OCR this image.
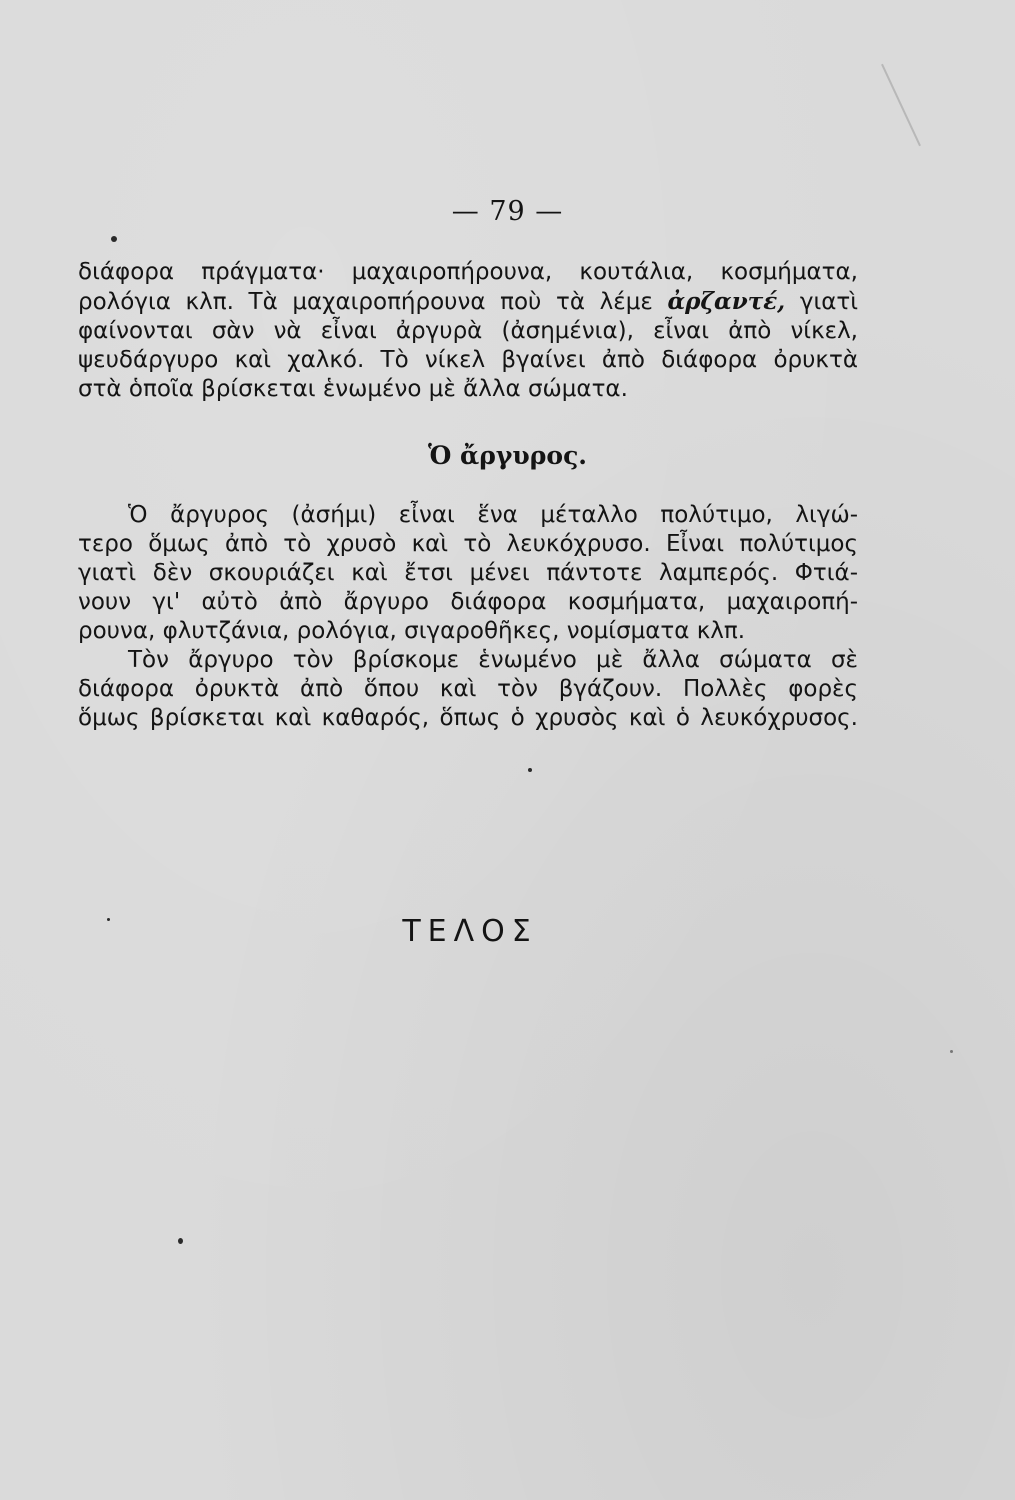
— 79 —
διάφορα πράγματα· μαχαιροπήρουνα, κουτάλια, κοσμήματα,
ρολόγια κλπ. Τὰ μαχαιροπήρουνα ποὺ τὰ λέμε ἀρζαντέ, γιατὶ
φαίνονται σὰν νὰ εἶναι ἀργυρὰ (ἀσημένια), εἶναι ἀπὸ νίκελ,
ψευδάργυρο καὶ χαλκό. Τὸ νίκελ βγαίνει ἀπὸ διάφορα ὀρυκτὰ
στὰ ὁποῖα βρίσκεται ἑνωμένο μὲ ἄλλα σώματα.
Ὁ ἄργυρος.
Ὁ ἄργυρος (ἀσήμι) εἶναι ἕνα μέταλλο πολύτιμο, λιγώ-
τερο ὅμως ἀπὸ τὸ χρυσὸ καὶ τὸ λευκόχρυσο. Εἶναι πολύτιμος
γιατὶ δὲν σκουριάζει καὶ ἔτσι μένει πάντοτε λαμπερός. Φτιά-
νουν γι' αὐτὸ ἀπὸ ἄργυρο διάφορα κοσμήματα, μαχαιροπή-
ρουνα, φλυτζάνια, ρολόγια, σιγαροθῆκες, νομίσματα κλπ.
Τὸν ἄργυρο τὸν βρίσκομε ἑνωμένο μὲ ἄλλα σώματα σὲ
διάφορα ὀρυκτὰ ἀπὸ ὅπου καὶ τὸν βγάζουν. Πολλὲς φορὲς
ὅμως βρίσκεται καὶ καθαρός, ὅπως ὁ χρυσὸς καὶ ὁ λευκόχρυσος.
ΤΕΛΟΣ
